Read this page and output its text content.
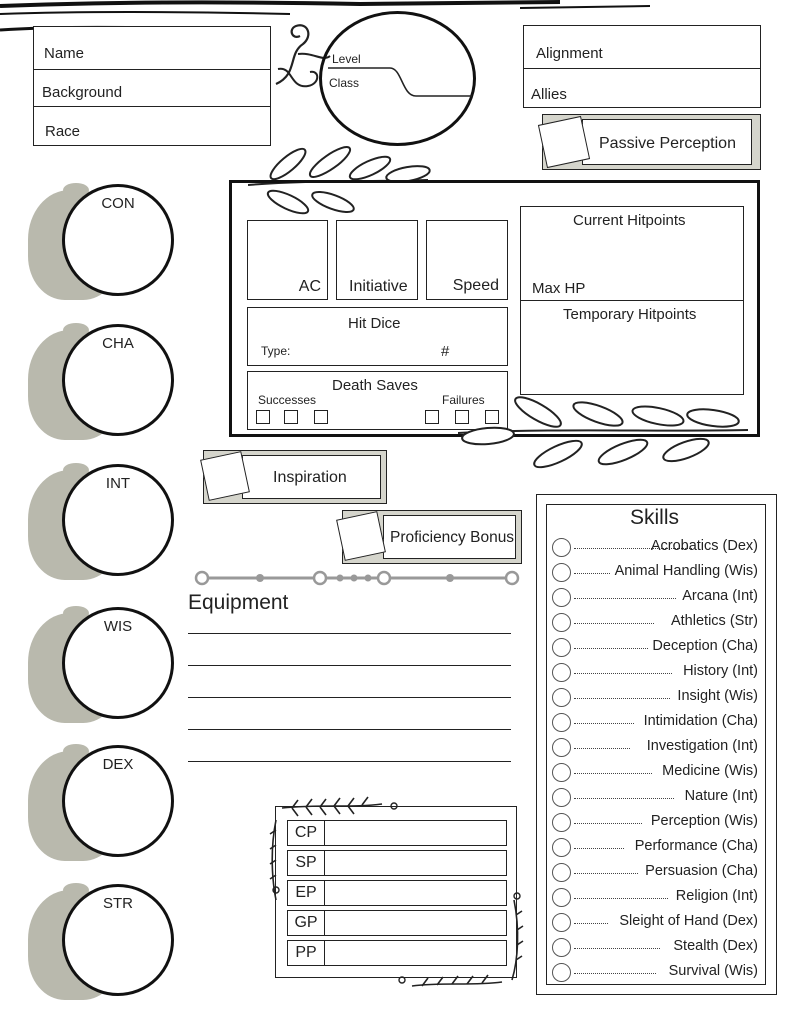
Name
Background
Race
Level
Class
Alignment
Allies
Passive Perception
AC Initiative	Speed
Hit Dice
Type:	#
Death Saves
Successes	Failures
Current Hitpoints
Max HP
Temporary Hitpoints
CON
CHA
INT
WIS
DEX
STR
Inspiration
Proficiency Bonus
Equipment
CP
SP
EP
GP
PP
Skills
Acrobatics (Dex)
Animal Handling (Wis)
Arcana (Int)
Athletics (Str)
Deception (Cha)
History (Int)
Insight (Wis)
Intimidation (Cha)
Investigation (Int)
Medicine (Wis)
Nature (Int)
Perception (Wis)
Performance (Cha)
Persuasion (Cha)
Religion (Int)
Sleight of Hand (Dex)
Stealth (Dex)
Survival (Wis)
